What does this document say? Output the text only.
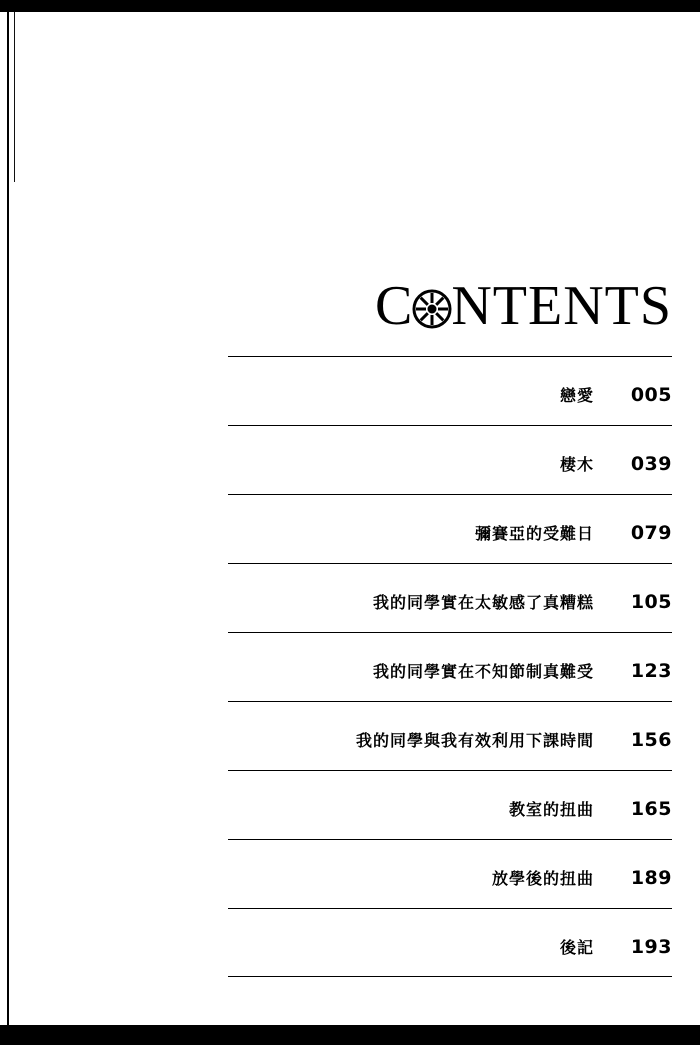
C NTENTS
戀愛	005
棲木	039
彌賽亞的受難日	079
我的同學實在太敏感了真糟糕	105
我的同學實在不知節制真難受	123
我的同學與我有效利用下課時間	156
教室的扭曲	165
放學後的扭曲	189
後記	193
